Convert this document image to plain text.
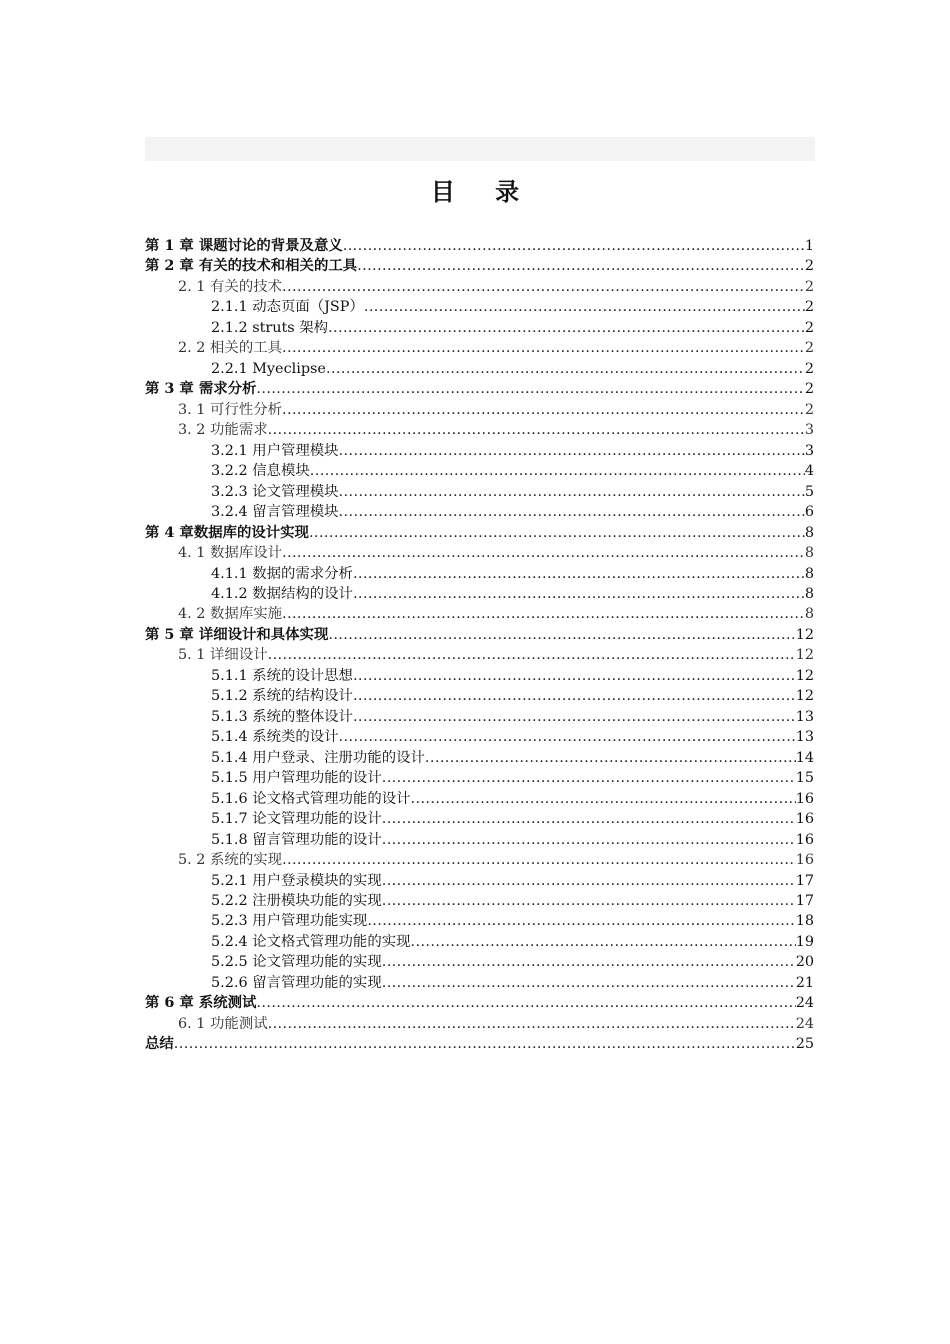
目 录
第 1 章 课题讨论的背景及意义 .....	1
第 2 章 有关的技术和相关的工具 .....	2
2. 1 有关的技术 .....	2
2.1.1 动态页面（JSP） .....	2
2.1.2 struts 架构 .....	2
2. 2 相关的工具 .....	2
2.2.1 Myeclipse .....	2
第 3 章 需求分析 .....	2
3. 1 可行性分析 .....	2
3. 2 功能需求 .....	3
3.2.1 用户管理模块 .....	3
3.2.2 信息模块 .....	4
3.2.3 论文管理模块 .....	5
3.2.4 留言管理模块 .....	6
第 4 章数据库的设计实现 .....	8
4. 1 数据库设计 .....	8
4.1.1 数据的需求分析 .....	8
4.1.2 数据结构的设计 .....	8
4. 2 数据库实施 .....	8
第 5 章 详细设计和具体实现 .....	12
5. 1 详细设计 .....	12
5.1.1 系统的设计思想 .....	12
5.1.2 系统的结构设计 .....	12
5.1.3 系统的整体设计 .....	13
5.1.4 系统类的设计 .....	13
5.1.4 用户登录、注册功能的设计 .....	14
5.1.5 用户管理功能的设计 .....	15
5.1.6 论文格式管理功能的设计 .....	16
5.1.7 论文管理功能的设计 .....	16
5.1.8 留言管理功能的设计 .....	16
5. 2 系统的实现 .....	16
5.2.1 用户登录模块的实现 .....	17
5.2.2 注册模块功能的实现 .....	17
5.2.3 用户管理功能实现 .....	18
5.2.4 论文格式管理功能的实现 .....	19
5.2.5 论文管理功能的实现 .....	20
5.2.6 留言管理功能的实现 .....	21
第 6 章 系统测试 .....	24
6. 1 功能测试 .....	24
总结 .....	25
